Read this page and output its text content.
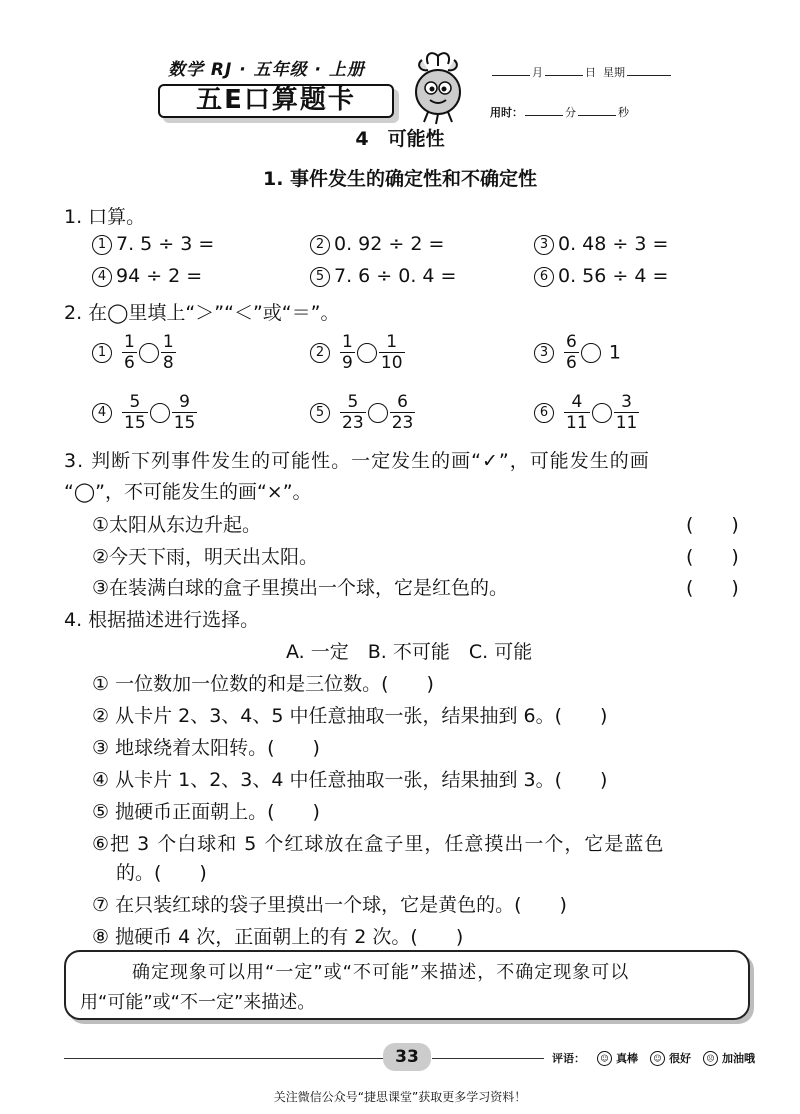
数学 RJ · 五年级 · 上册
五E口算题卡
月	日 星期
用时：	分	秒
4　可能性
1. 事件发生的确定性和不确定性
1. 口算。
1 7. 5 ÷ 3 =	2 0. 92 ÷ 2 =	3 0. 48 ÷ 3 =
4 94 ÷ 2 =	5 7. 6 ÷ 0. 4 =	6 0. 56 ÷ 4 =
2. 在◯里填上“＞”“＜”或“＝”。
$1 \frac{1}{6} \frac{1}{8}$	$2 \frac{1}{9} \frac{1}{10}$	$3 \frac{6}{6} 1$
$4 \frac{5}{15} \frac{9}{15}$	$5 \frac{5}{23} \frac{6}{23}$	$6 \frac{4}{11} \frac{3}{11}$
3. 判断下列事件发生的可能性。一定发生的画“✓”，可能发生的画
“◯”，不可能发生的画“×”。
①太阳从东边升起。	(　　)
②今天下雨，明天出太阳。	(　　)
③在装满白球的盒子里摸出一个球，它是红色的。	(　　)
4. 根据描述进行选择。
A. 一定　B. 不可能　C. 可能
① 一位数加一位数的和是三位数。(　　)
② 从卡片 2、3、4、5 中任意抽取一张，结果抽到 6。(　　)
③ 地球绕着太阳转。(　　)
④ 从卡片 1、2、3、4 中任意抽取一张，结果抽到 3。(　　)
⑤ 抛硬币正面朝上。(　　)
⑥把 3 个白球和 5 个红球放在盒子里，任意摸出一个，它是蓝色
的。(　　)
⑦ 在只装红球的袋子里摸出一个球，它是黄色的。(　　)
⑧ 抛硬币 4 次，正面朝上的有 2 次。(　　)
确定现象可以用“一定”或“不可能”来描述，不确定现象可以
用“可能”或“不一定”来描述。
33	评语：	☺ 真棒	☺ 很好	☹ 加油哦
关注微信公众号“捷思课堂”获取更多学习资料！
